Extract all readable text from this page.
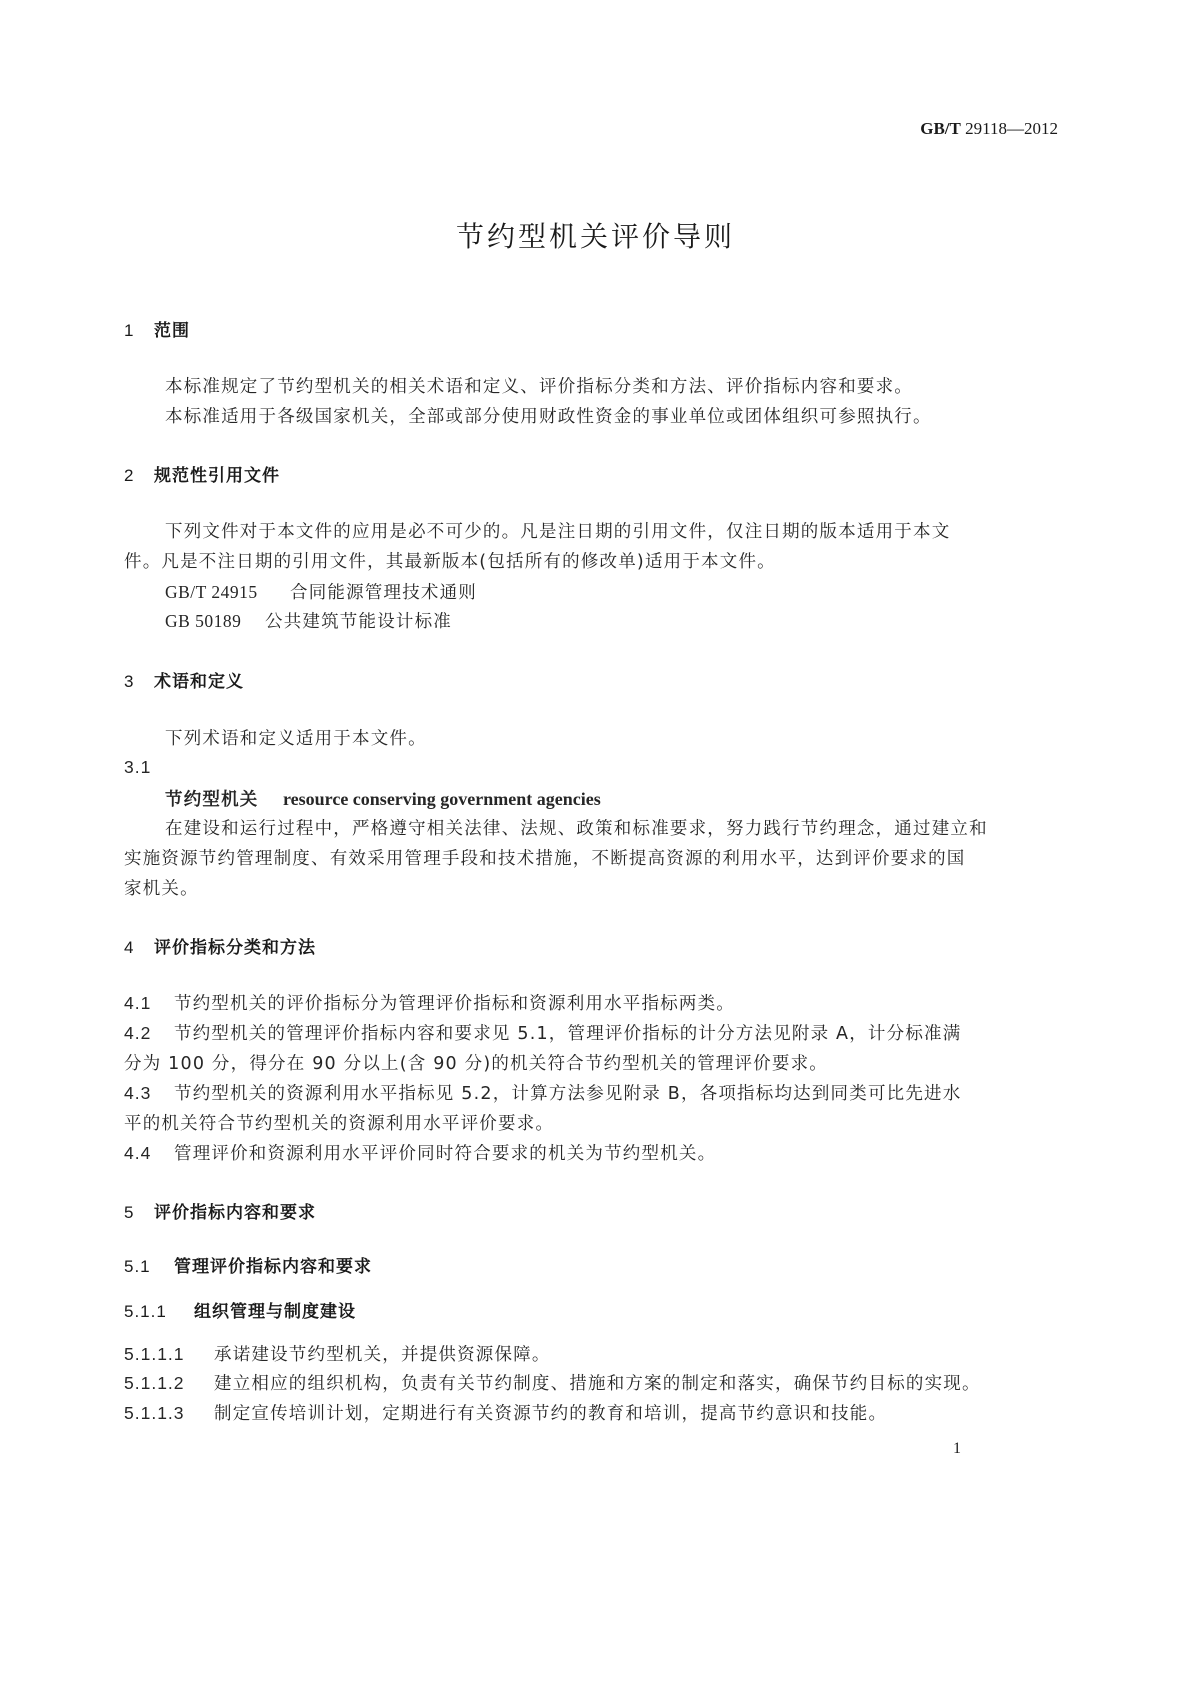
GB/T 29118—2012
节约型机关评价导则
1 范围
本标准规定了节约型机关的相关术语和定义、评价指标分类和方法、评价指标内容和要求。
本标准适用于各级国家机关，全部或部分使用财政性资金的事业单位或团体组织可参照执行。
2 规范性引用文件
下列文件对于本文件的应用是必不可少的。凡是注日期的引用文件，仅注日期的版本适用于本文
件。凡是不注日期的引用文件，其最新版本(包括所有的修改单)适用于本文件。
GB/T 24915 合同能源管理技术通则
GB 50189 公共建筑节能设计标准
3 术语和定义
下列术语和定义适用于本文件。
3.1
节约型机关 resource conserving government agencies
在建设和运行过程中，严格遵守相关法律、法规、政策和标准要求，努力践行节约理念，通过建立和
实施资源节约管理制度、有效采用管理手段和技术措施，不断提高资源的利用水平，达到评价要求的国
家机关。
4 评价指标分类和方法
4.1 节约型机关的评价指标分为管理评价指标和资源利用水平指标两类。
4.2 节约型机关的管理评价指标内容和要求见 5.1，管理评价指标的计分方法见附录 A，计分标准满
分为 100 分，得分在 90 分以上(含 90 分)的机关符合节约型机关的管理评价要求。
4.3 节约型机关的资源利用水平指标见 5.2，计算方法参见附录 B，各项指标均达到同类可比先进水
平的机关符合节约型机关的资源利用水平评价要求。
4.4 管理评价和资源利用水平评价同时符合要求的机关为节约型机关。
5 评价指标内容和要求
5.1 管理评价指标内容和要求
5.1.1 组织管理与制度建设
5.1.1.1 承诺建设节约型机关，并提供资源保障。
5.1.1.2 建立相应的组织机构，负责有关节约制度、措施和方案的制定和落实，确保节约目标的实现。
5.1.1.3 制定宣传培训计划，定期进行有关资源节约的教育和培训，提高节约意识和技能。
1
